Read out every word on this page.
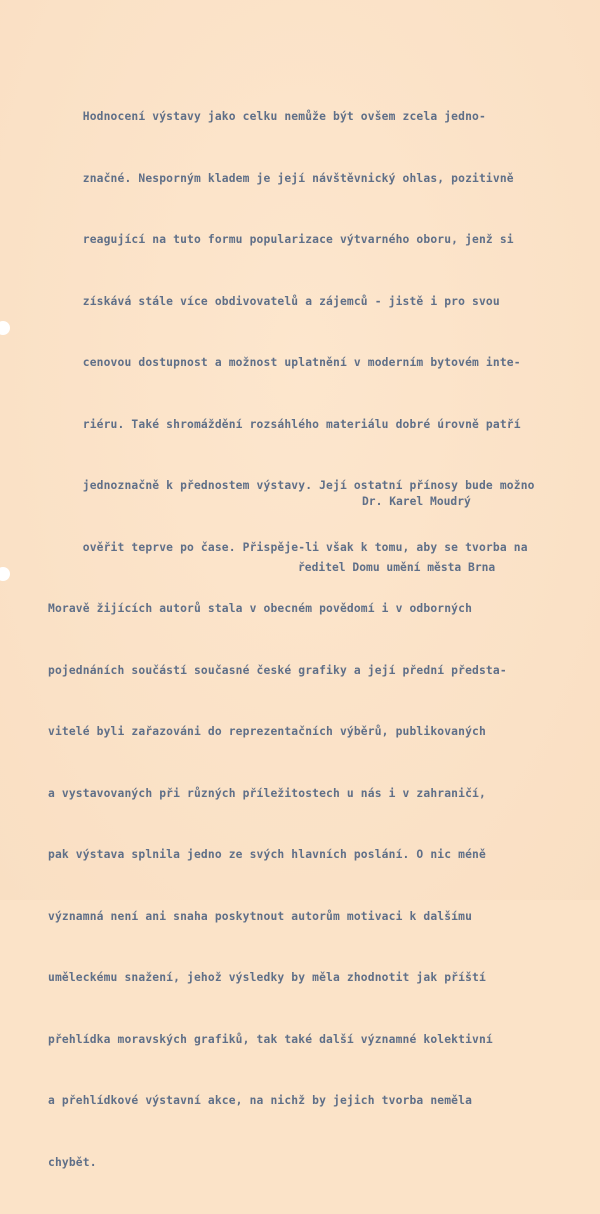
Hodnocení výstavy jako celku nemůže být ovšem zcela jedno-

značné. Nesporným kladem je její návštěvnický ohlas, pozitivně

reagující na tuto formu popularizace výtvarného oboru, jenž si

získává stále více obdivovatelů a zájemců - jistě i pro svou

cenovou dostupnost a možnost uplatnění v moderním bytovém inte-

riéru. Také shromáždění rozsáhlého materiálu dobré úrovně patří

jednoznačně k přednostem výstavy. Její ostatní přínosy bude možno

ověřit teprve po čase. Přispěje-li však k tomu, aby se tvorba na

Moravě žijících autorů stala v obecném povědomí i v odborných

pojednáních součástí současné české grafiky a její přední předsta-

vitelé byli zařazováni do reprezentačních výběrů, publikovaných

a vystavovaných při různých příležitostech u nás i v zahraničí,

pak výstava splnila jedno ze svých hlavních poslání. O nic méně

významná není ani snaha poskytnout autorům motivaci k dalšímu

uměleckému snažení, jehož výsledky by měla zhodnotit jak příští

přehlídka moravských grafiků, tak také další významné kolektivní

a přehlídkové výstavní akce, na nichž by jejich tvorba neměla

chybět.

Dr. Karel Moudrý

ředitel Domu umění města Brna
